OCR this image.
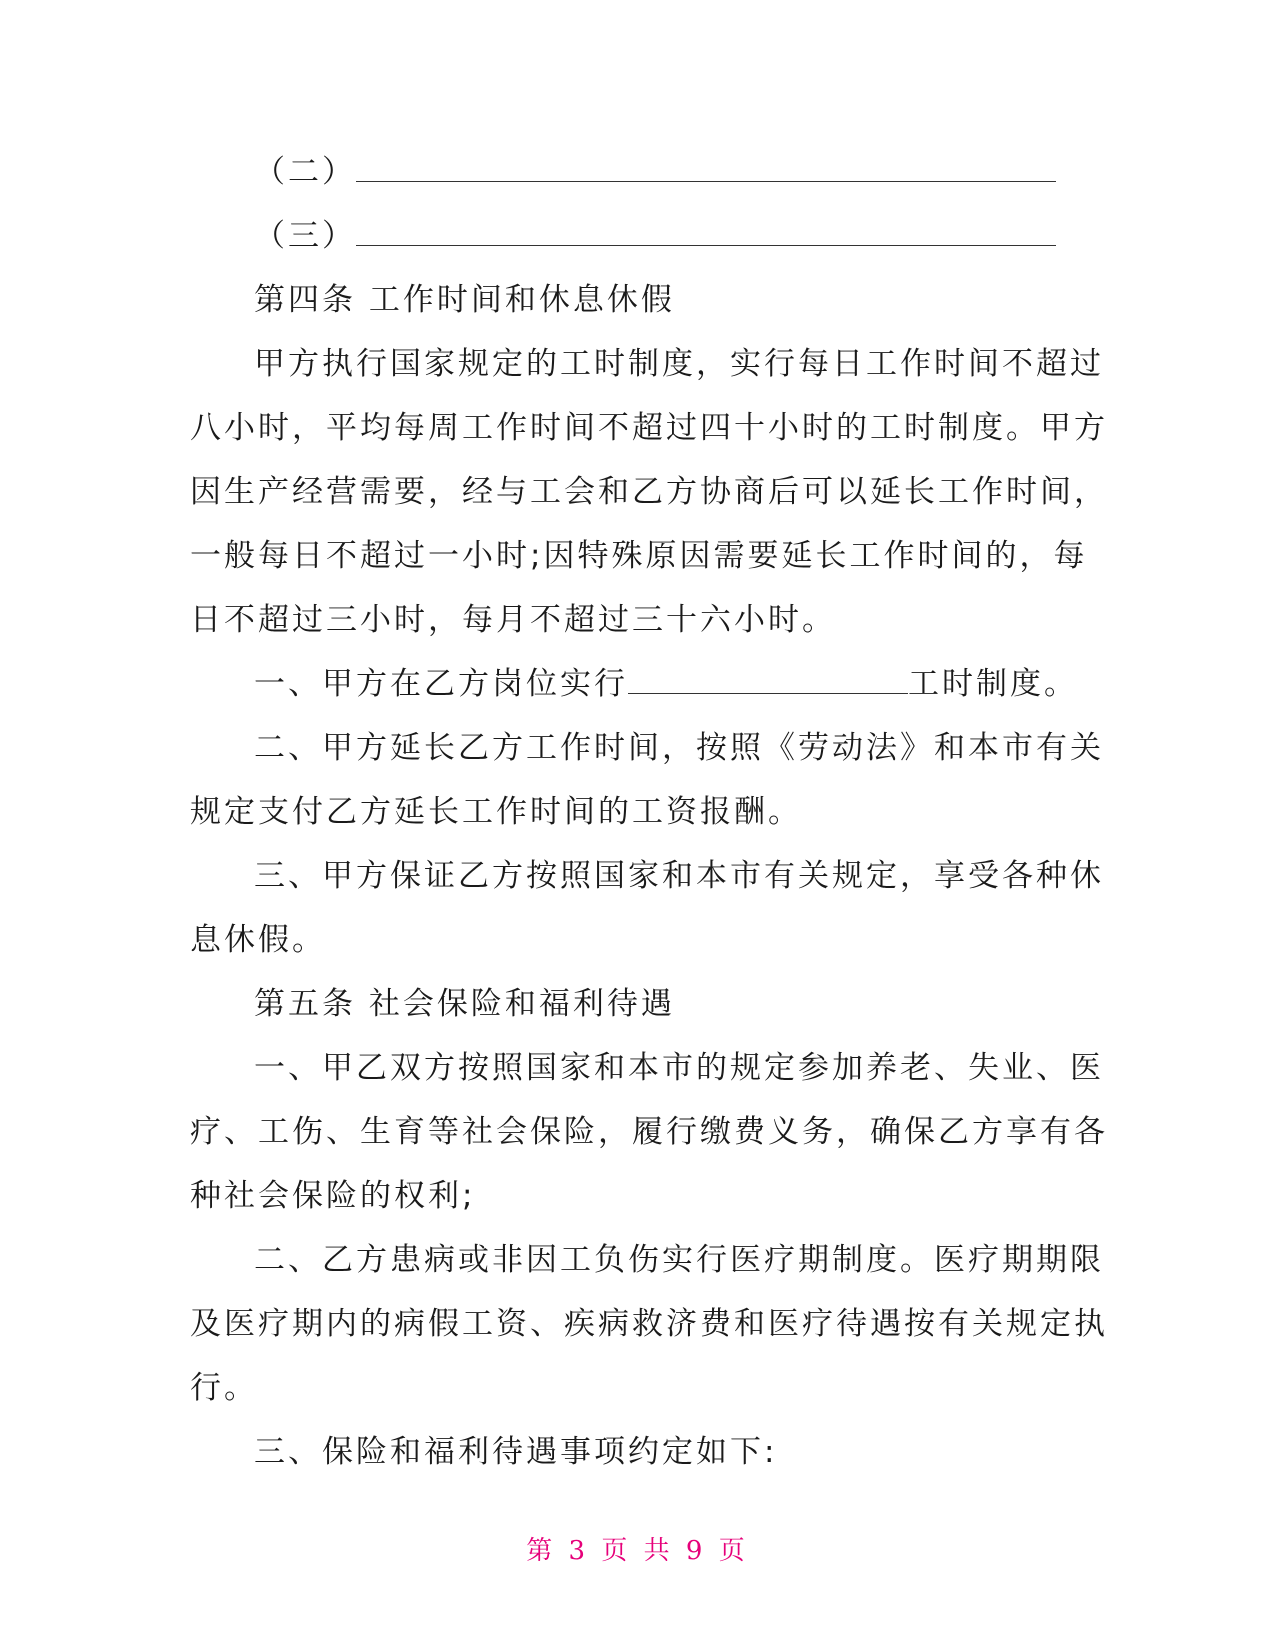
（二）
（三）
第四条 工作时间和休息休假
甲方执行国家规定的工时制度，实行每日工作时间不超过
八小时，平均每周工作时间不超过四十小时的工时制度。甲方
因生产经营需要，经与工会和乙方协商后可以延长工作时间，
一般每日不超过一小时;因特殊原因需要延长工作时间的，每
日不超过三小时，每月不超过三十六小时。
一、甲方在乙方岗位实行	工时制度。
二、甲方延长乙方工作时间，按照《劳动法》和本市有关
规定支付乙方延长工作时间的工资报酬。
三、甲方保证乙方按照国家和本市有关规定，享受各种休
息休假。
第五条 社会保险和福利待遇
一、甲乙双方按照国家和本市的规定参加养老、失业、医
疗、工伤、生育等社会保险，履行缴费义务，确保乙方享有各
种社会保险的权利;
二、乙方患病或非因工负伤实行医疗期制度。医疗期期限
及医疗期内的病假工资、疾病救济费和医疗待遇按有关规定执
行。
三、保险和福利待遇事项约定如下:
第 3 页 共 9 页
